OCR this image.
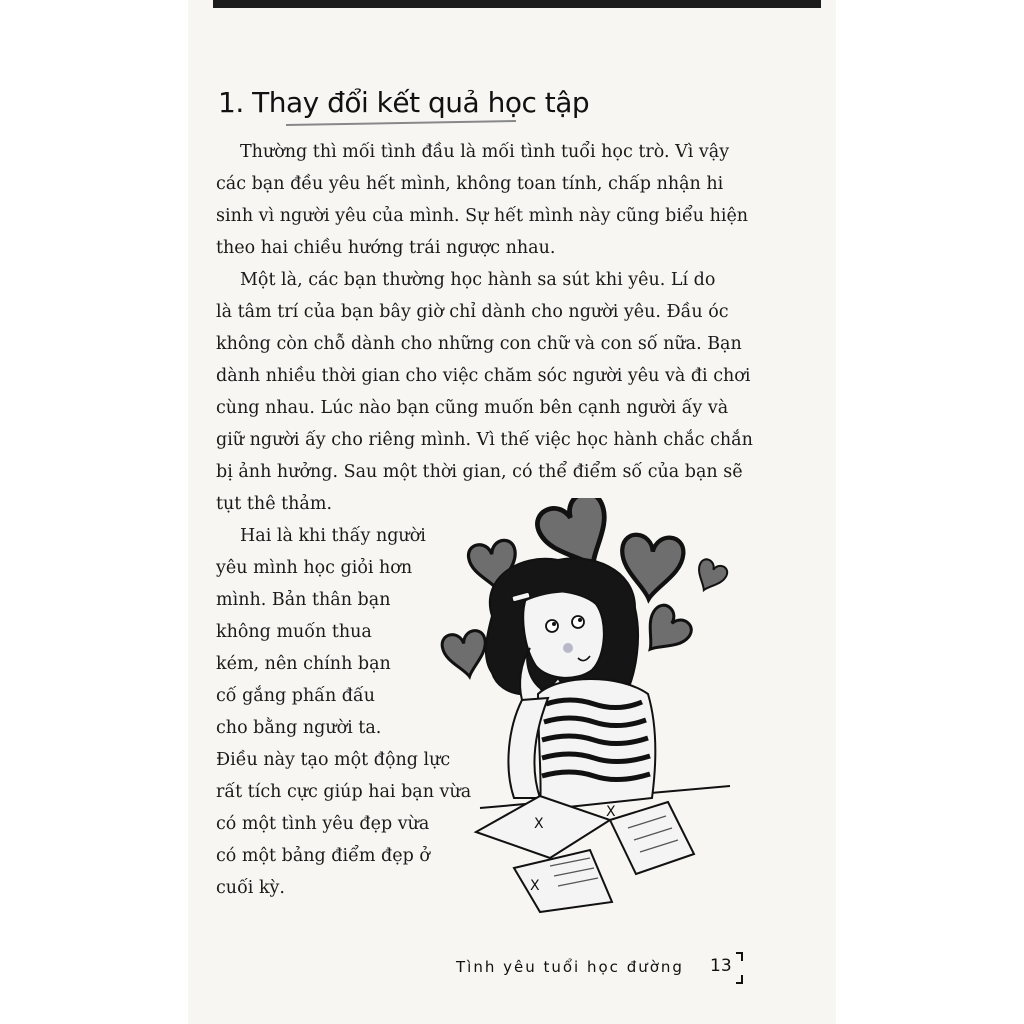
1. Thay đổi kết quả học tập
Thường thì mối tình đầu là mối tình tuổi học trò. Vì vậy
các bạn đều yêu hết mình, không toan tính, chấp nhận hi
sinh vì người yêu của mình. Sự hết mình này cũng biểu hiện
theo hai chiều hướng trái ngược nhau.
Một là, các bạn thường học hành sa sút khi yêu. Lí do
là tâm trí của bạn bây giờ chỉ dành cho người yêu. Đầu óc
không còn chỗ dành cho những con chữ và con số nữa. Bạn
dành nhiều thời gian cho việc chăm sóc người yêu và đi chơi
cùng nhau. Lúc nào bạn cũng muốn bên cạnh người ấy và
giữ người ấy cho riêng mình. Vì thế việc học hành chắc chắn
bị ảnh hưởng. Sau một thời gian, có thể điểm số của bạn sẽ
tụt thê thảm.
Hai là khi thấy người
yêu mình học giỏi hơn
mình. Bản thân bạn
không muốn thua
kém, nên chính bạn
cố gắng phấn đấu
cho bằng người ta.
Điều này tạo một động lực
rất tích cực giúp hai bạn vừa
có một tình yêu đẹp vừa
có một bảng điểm đẹp ở
cuối kỳ.
X
X
X
Tình yêu tuổi học đường 13
